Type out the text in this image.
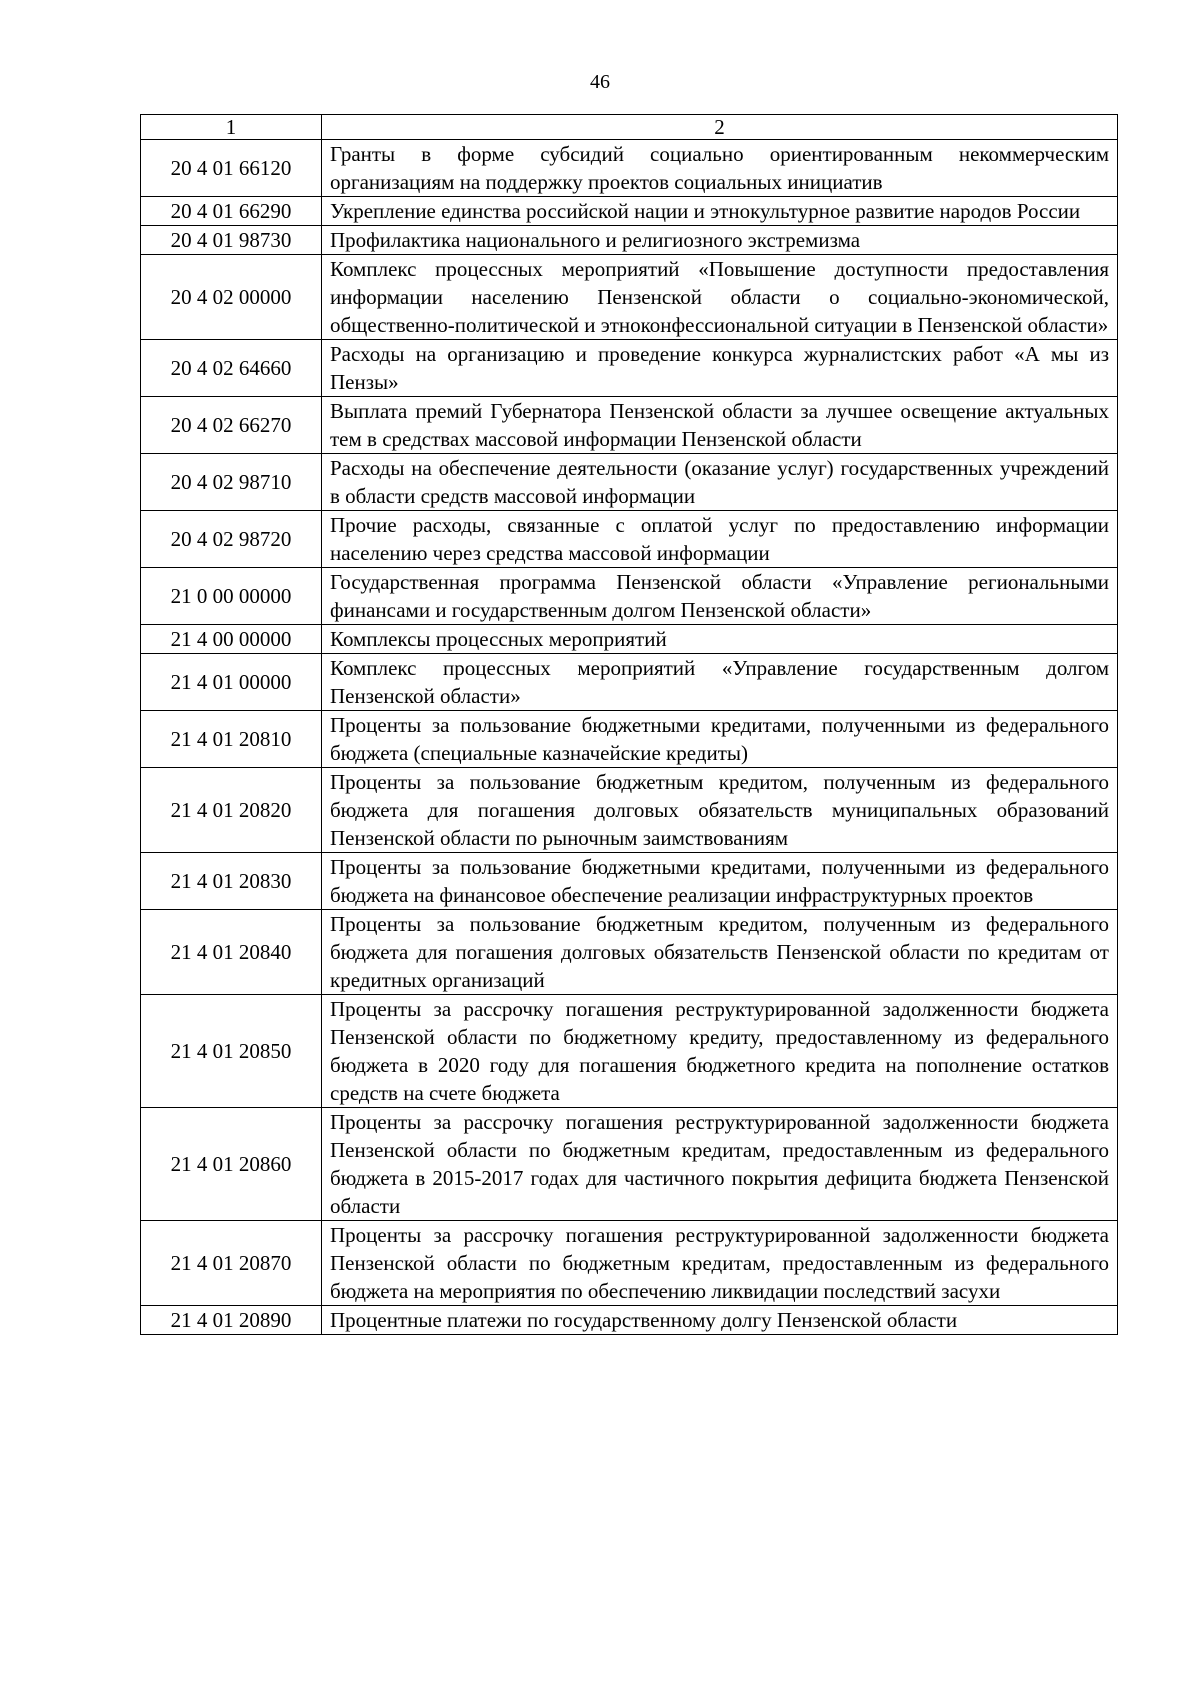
46
1	2
20 4 01 66120	Гранты в форме субсидий социально ориентированным некоммерческим организациям на поддержку проектов социальных инициатив
20 4 01 66290	Укрепление единства российской нации и этнокультурное развитие народов России
20 4 01 98730	Профилактика национального и религиозного экстремизма
20 4 02 00000	Комплекс процессных мероприятий «Повышение доступности предоставления информации населению Пензенской области о социально-экономической, общественно-политической и этноконфессиональной ситуации в Пензенской области»
20 4 02 64660	Расходы на организацию и проведение конкурса журналистских работ «А мы из Пензы»
20 4 02 66270	Выплата премий Губернатора Пензенской области за лучшее освещение актуальных тем в средствах массовой информации Пензенской области
20 4 02 98710	Расходы на обеспечение деятельности (оказание услуг) государственных учреждений в области средств массовой информации
20 4 02 98720	Прочие расходы, связанные с оплатой услуг по предоставлению информации населению через средства массовой информации
21 0 00 00000	Государственная программа Пензенской области «Управление региональными финансами и государственным долгом Пензенской области»
21 4 00 00000	Комплексы процессных мероприятий
21 4 01 00000	Комплекс процессных мероприятий «Управление государственным долгом Пензенской области»
21 4 01 20810	Проценты за пользование бюджетными кредитами, полученными из федерального бюджета (специальные казначейские кредиты)
21 4 01 20820	Проценты за пользование бюджетным кредитом, полученным из федерального бюджета для погашения долговых обязательств муниципальных образований Пензенской области по рыночным заимствованиям
21 4 01 20830	Проценты за пользование бюджетными кредитами, полученными из федерального бюджета на финансовое обеспечение реализации инфраструктурных проектов
21 4 01 20840	Проценты за пользование бюджетным кредитом, полученным из федерального бюджета для погашения долговых обязательств Пензенской области по кредитам от кредитных организаций
21 4 01 20850	Проценты за рассрочку погашения реструктурированной задолженности бюджета Пензенской области по бюджетному кредиту, предоставленному из федерального бюджета в 2020 году для погашения бюджетного кредита на пополнение остатков средств на счете бюджета
21 4 01 20860	Проценты за рассрочку погашения реструктурированной задолженности бюджета Пензенской области по бюджетным кредитам, предоставленным из федерального бюджета в 2015-2017 годах для частичного покрытия дефицита бюджета Пензенской области
21 4 01 20870	Проценты за рассрочку погашения реструктурированной задолженности бюджета Пензенской области по бюджетным кредитам, предоставленным из федерального бюджета на мероприятия по обеспечению ликвидации последствий засухи
21 4 01 20890	Процентные платежи по государственному долгу Пензенской области
